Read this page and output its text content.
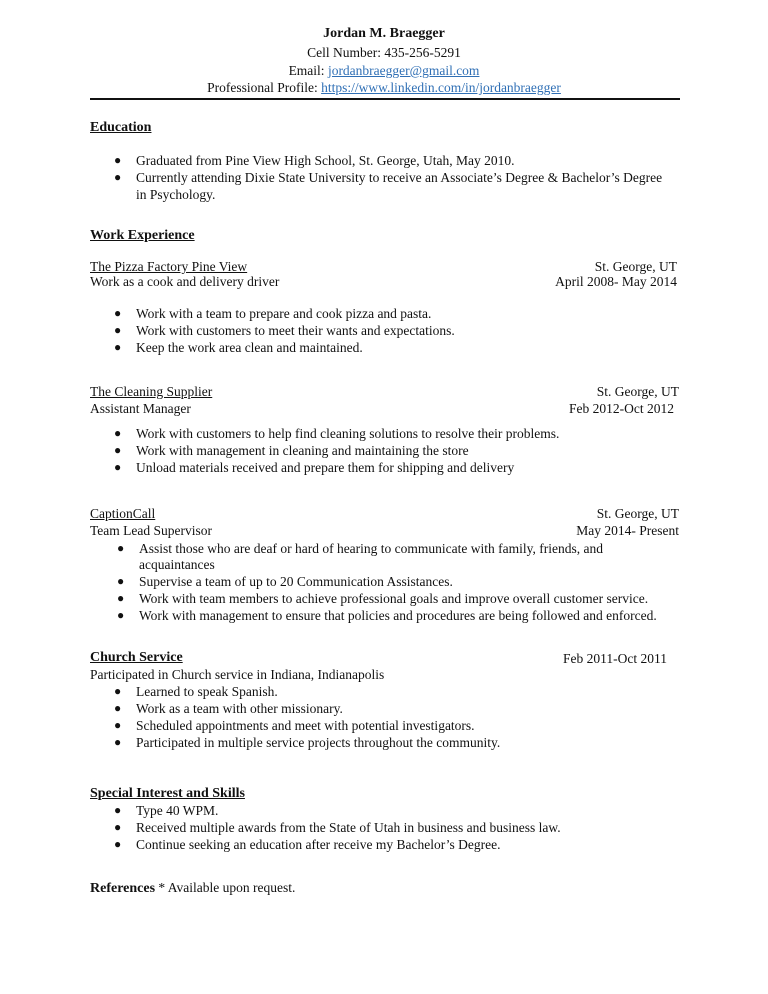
Jordan M. Braegger
Cell Number: 435-256-5291
Email: jordanbraegger@gmail.com
Professional Profile: https://www.linkedin.com/in/jordanbraegger
Education
● Graduated from Pine View High School, St. George, Utah, May 2010.
● Currently attending Dixie State University to receive an Associate’s Degree & Bachelor’s Degree
in Psychology.
Work Experience
The Pizza Factory Pine View	St. George, UT
Work as a cook and delivery driver	April 2008- May 2014
● Work with a team to prepare and cook pizza and pasta.
● Work with customers to meet their wants and expectations.
● Keep the work area clean and maintained.
The Cleaning Supplier	St. George, UT
Assistant Manager	Feb 2012-Oct 2012
● Work with customers to help find cleaning solutions to resolve their problems.
● Work with management in cleaning and maintaining the store
● Unload materials received and prepare them for shipping and delivery
CaptionCall	St. George, UT
Team Lead Supervisor	May 2014- Present
● Assist those who are deaf or hard of hearing to communicate with family, friends, and
acquaintances
● Supervise a team of up to 20 Communication Assistances.
● Work with team members to achieve professional goals and improve overall customer service.
● Work with management to ensure that policies and procedures are being followed and enforced.
Church Service	Feb 2011-Oct 2011
Participated in Church service in Indiana, Indianapolis
● Learned to speak Spanish.
● Work as a team with other missionary.
● Scheduled appointments and meet with potential investigators.
● Participated in multiple service projects throughout the community.
Special Interest and Skills
● Type 40 WPM.
● Received multiple awards from the State of Utah in business and business law.
● Continue seeking an education after receive my Bachelor’s Degree.
References * Available upon request.
